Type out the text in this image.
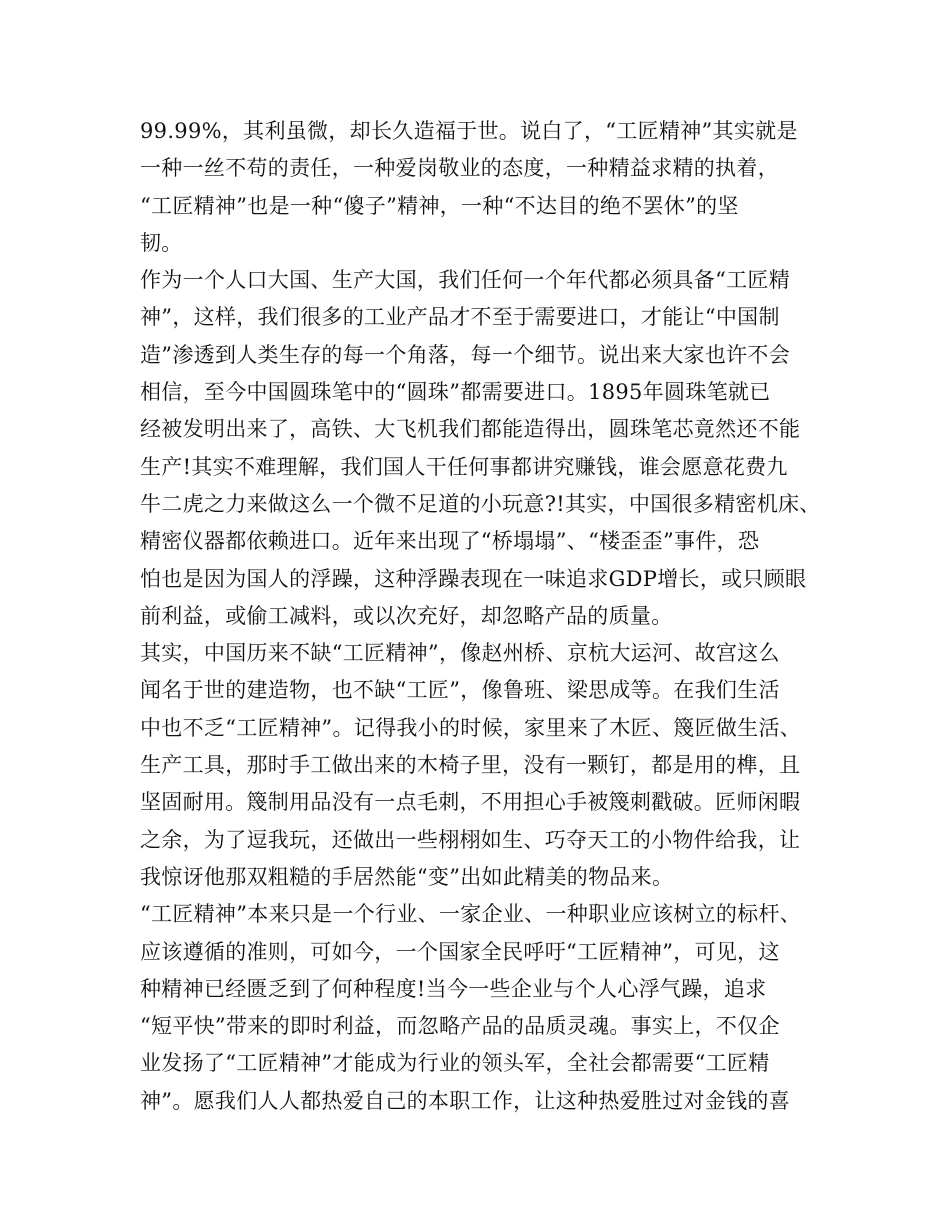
99.99%，其利虽微，却长久造福于世。说白了，“工匠精神”其实就是
一种一丝不苟的责任，一种爱岗敬业的态度，一种精益求精的执着，
“工匠精神”也是一种“傻子”精神，一种“不达目的绝不罢休”的坚
韧。
作为一个人口大国、生产大国，我们任何一个年代都必须具备“工匠精
神”，这样，我们很多的工业产品才不至于需要进口，才能让“中国制
造”渗透到人类生存的每一个角落，每一个细节。说出来大家也许不会
相信，至今中国圆珠笔中的“圆珠”都需要进口。1895年圆珠笔就已
经被发明出来了，高铁、大飞机我们都能造得出，圆珠笔芯竟然还不能
生产!其实不难理解，我们国人干任何事都讲究赚钱，谁会愿意花费九
牛二虎之力来做这么一个微不足道的小玩意?!其实，中国很多精密机床、
精密仪器都依赖进口。近年来出现了“桥塌塌”、“楼歪歪”事件，恐
怕也是因为国人的浮躁，这种浮躁表现在一味追求GDP增长，或只顾眼
前利益，或偷工减料，或以次充好，却忽略产品的质量。
其实，中国历来不缺“工匠精神”，像赵州桥、京杭大运河、故宫这么
闻名于世的建造物，也不缺“工匠”，像鲁班、梁思成等。在我们生活
中也不乏“工匠精神”。记得我小的时候，家里来了木匠、篾匠做生活、
生产工具，那时手工做出来的木椅子里，没有一颗钉，都是用的榫，且
坚固耐用。篾制用品没有一点毛刺，不用担心手被篾刺戳破。匠师闲暇
之余，为了逗我玩，还做出一些栩栩如生、巧夺天工的小物件给我，让
我惊讶他那双粗糙的手居然能“变”出如此精美的物品来。
“工匠精神”本来只是一个行业、一家企业、一种职业应该树立的标杆、
应该遵循的准则，可如今，一个国家全民呼吁“工匠精神”，可见，这
种精神已经匮乏到了何种程度!当今一些企业与个人心浮气躁，追求
“短平快”带来的即时利益，而忽略产品的品质灵魂。事实上，不仅企
业发扬了“工匠精神”才能成为行业的领头军，全社会都需要“工匠精
神”。愿我们人人都热爱自己的本职工作，让这种热爱胜过对金钱的喜
